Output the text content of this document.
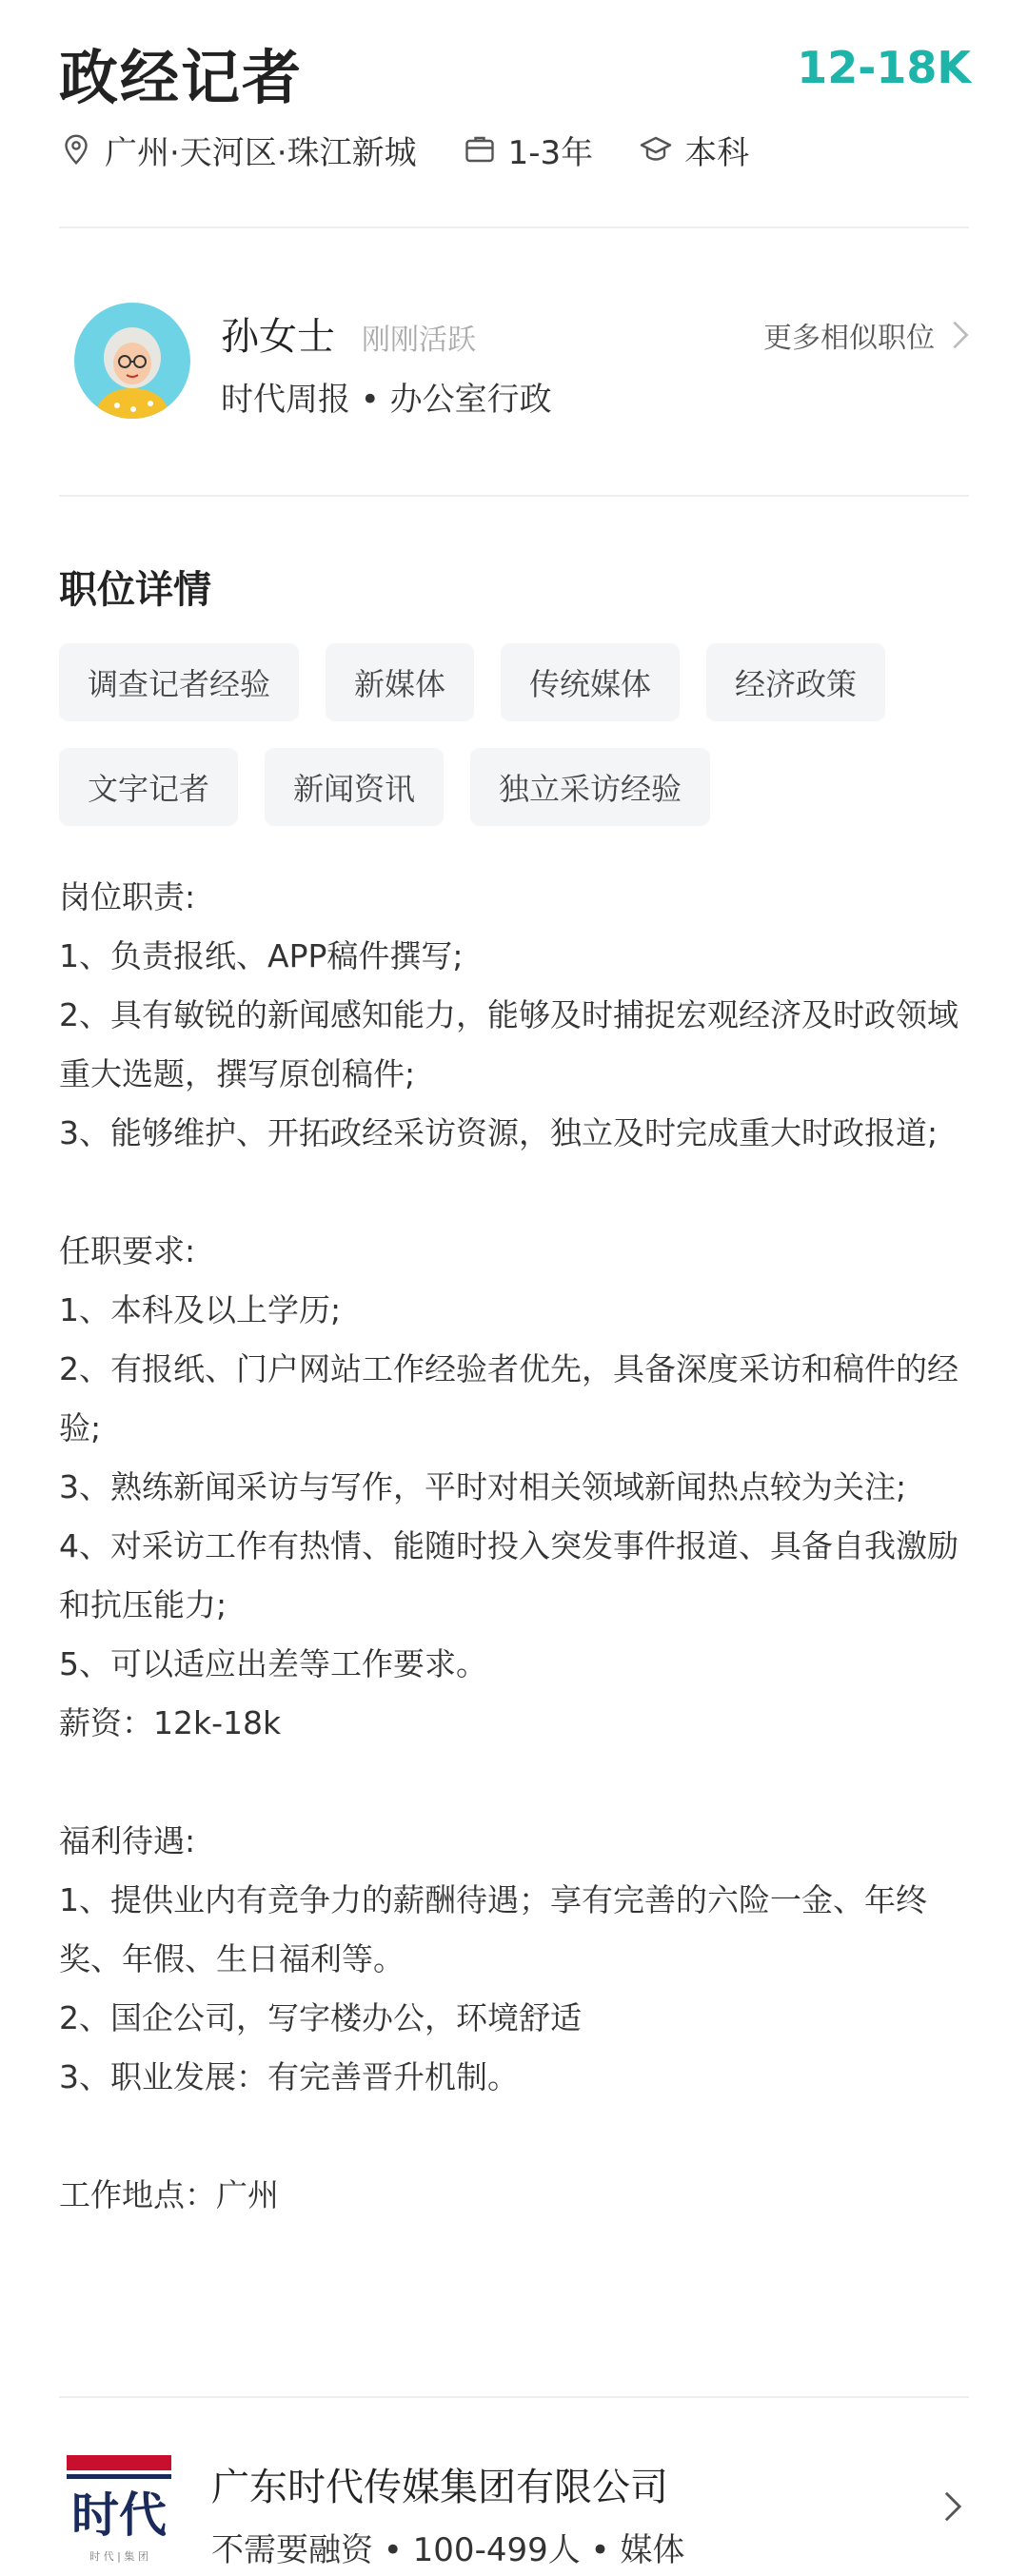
政经记者	12-18K
广州·天河区·珠江新城	1-3年	本科
孙女士 刚刚活跃
时代周报 • 办公室行政
更多相似职位
职位详情
调查记者经验	新媒体	传统媒体	经济政策
文字记者	新闻资讯	独立采访经验
岗位职责:
1、负责报纸、APP稿件撰写;
2、具有敏锐的新闻感知能力，能够及时捕捉宏观经济及时政领域重大选题，撰写原创稿件;
3、能够维护、开拓政经采访资源，独立及时完成重大时政报道;

任职要求:
1、本科及以上学历;
2、有报纸、门户网站工作经验者优先，具备深度采访和稿件的经验;
3、熟练新闻采访与写作，平时对相关领域新闻热点较为关注;
4、对采访工作有热情、能随时投入突发事件报道、具备自我激励和抗压能力;
5、可以适应出差等工作要求。
薪资：12k-18k

福利待遇:
1、提供业内有竞争力的薪酬待遇；享有完善的六险一金、年终奖、年假、生日福利等。
2、国企公司，写字楼办公，环境舒适
3、职业发展：有完善晋升机制。

工作地点：广州
时代
时 代 | 集 团
广东时代传媒集团有限公司
不需要融资 • 100-499人 • 媒体
